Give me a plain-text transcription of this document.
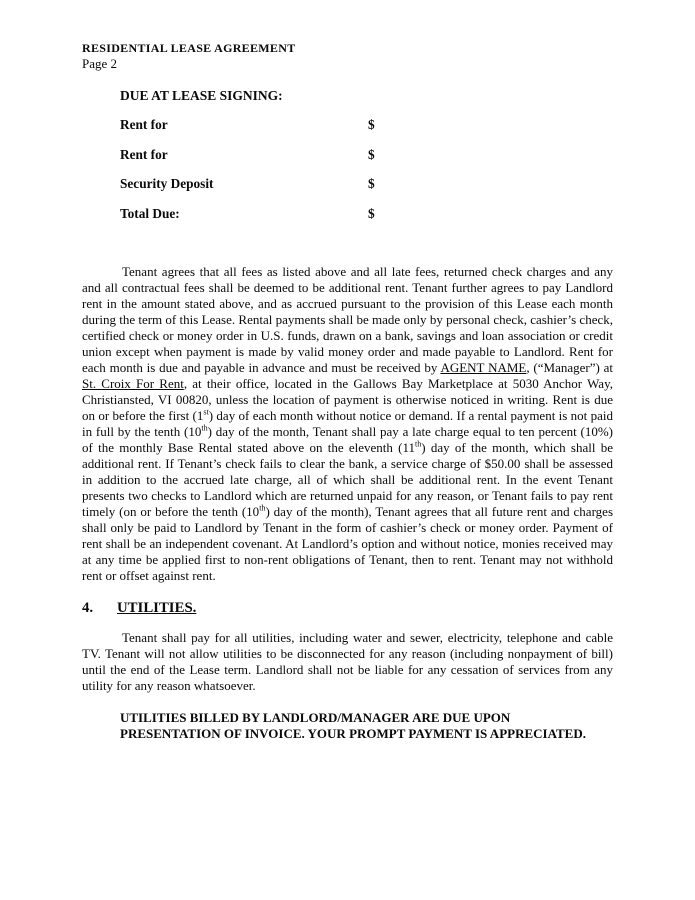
RESIDENTIAL LEASE AGREEMENT
Page 2
DUE AT LEASE SIGNING:
Rent for	$
Rent for	$
Security Deposit	$
Total Due:	$

Tenant agrees that all fees as listed above and all late fees, returned check charges and any and all contractual fees shall be deemed to be additional rent. Tenant further agrees to pay Landlord rent in the amount stated above, and as accrued pursuant to the provision of this Lease each month during the term of this Lease. Rental payments shall be made only by personal check, cashier’s check, certified check or money order in U.S. funds, drawn on a bank, savings and loan association or credit union except when payment is made by valid money order and made payable to Landlord. Rent for each month is due and payable in advance and must be received by AGENT NAME, (“Manager”) at St. Croix For Rent, at their office, located in the Gallows Bay Marketplace at 5030 Anchor Way, Christiansted, VI 00820, unless the location of payment is otherwise noticed in writing. Rent is due on or before the first (1st) day of each month without notice or demand. If a rental payment is not paid in full by the tenth (10th) day of the month, Tenant shall pay a late charge equal to ten percent (10%) of the monthly Base Rental stated above on the eleventh (11th) day of the month, which shall be additional rent. If Tenant’s check fails to clear the bank, a service charge of $50.00 shall be assessed in addition to the accrued late charge, all of which shall be additional rent. In the event Tenant presents two checks to Landlord which are returned unpaid for any reason, or Tenant fails to pay rent timely (on or before the tenth (10th) day of the month), Tenant agrees that all future rent and charges shall only be paid to Landlord by Tenant in the form of cashier’s check or money order. Payment of rent shall be an independent covenant. At Landlord’s option and without notice, monies received may at any time be applied first to non-rent obligations of Tenant, then to rent. Tenant may not withhold rent or offset against rent.

4. UTILITIES.

Tenant shall pay for all utilities, including water and sewer, electricity, telephone and cable TV. Tenant will not allow utilities to be disconnected for any reason (including nonpayment of bill) until the end of the Lease term. Landlord shall not be liable for any cessation of services from any utility for any reason whatsoever.

UTILITIES BILLED BY LANDLORD/MANAGER ARE DUE UPON
PRESENTATION OF INVOICE. YOUR PROMPT PAYMENT IS APPRECIATED.
